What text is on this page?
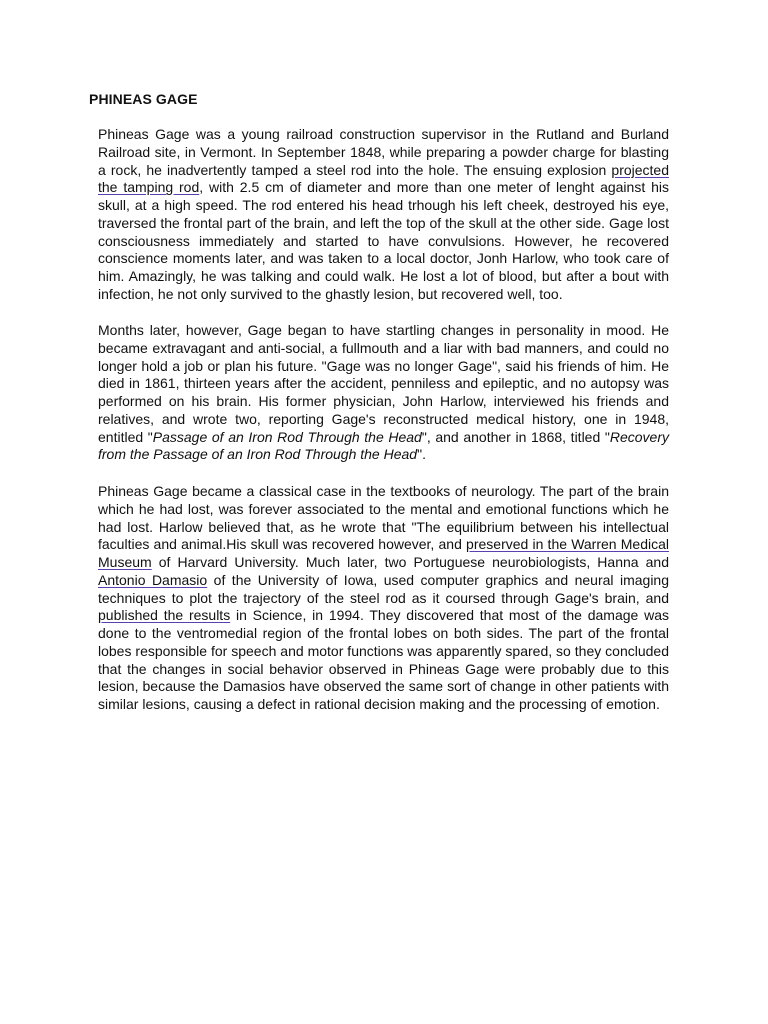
PHINEAS GAGE

Phineas Gage was a young railroad construction supervisor in the Rutland and Burland Railroad site, in Vermont. In September 1848, while preparing a powder charge for blasting a rock, he inadvertently tamped a steel rod into the hole. The ensuing explosion projected the tamping rod, with 2.5 cm of diameter and more than one meter of lenght against his skull, at a high speed. The rod entered his head trhough his left cheek, destroyed his eye, traversed the frontal part of the brain, and left the top of the skull at the other side. Gage lost consciousness immediately and started to have convulsions. However, he recovered conscience moments later, and was taken to a local doctor, Jonh Harlow, who took care of him. Amazingly, he was talking and could walk. He lost a lot of blood, but after a bout with infection, he not only survived to the ghastly lesion, but recovered well, too.

Months later, however, Gage began to have startling changes in personality in mood. He became extravagant and anti-social, a fullmouth and a liar with bad manners, and could no longer hold a job or plan his future. "Gage was no longer Gage", said his friends of him. He died in 1861, thirteen years after the accident, penniless and epileptic, and no autopsy was performed on his brain. His former physician, John Harlow, interviewed his friends and relatives, and wrote two, reporting Gage's reconstructed medical history, one in 1948, entitled "Passage of an Iron Rod Through the Head", and another in 1868, titled "Recovery from the Passage of an Iron Rod Through the Head".

Phineas Gage became a classical case in the textbooks of neurology. The part of the brain which he had lost, was forever associated to the mental and emotional functions which he had lost. Harlow believed that, as he wrote that "The equilibrium between his intellectual faculties and animal.His skull was recovered however, and preserved in the Warren Medical Museum of Harvard University. Much later, two Portuguese neurobiologists, Hanna and Antonio Damasio of the University of Iowa, used computer graphics and neural imaging techniques to plot the trajectory of the steel rod as it coursed through Gage's brain, and published the results in Science, in 1994. They discovered that most of the damage was done to the ventromedial region of the frontal lobes on both sides. The part of the frontal lobes responsible for speech and motor functions was apparently spared, so they concluded that the changes in social behavior observed in Phineas Gage were probably due to this lesion, because the Damasios have observed the same sort of change in other patients with similar lesions, causing a defect in rational decision making and the processing of emotion.
